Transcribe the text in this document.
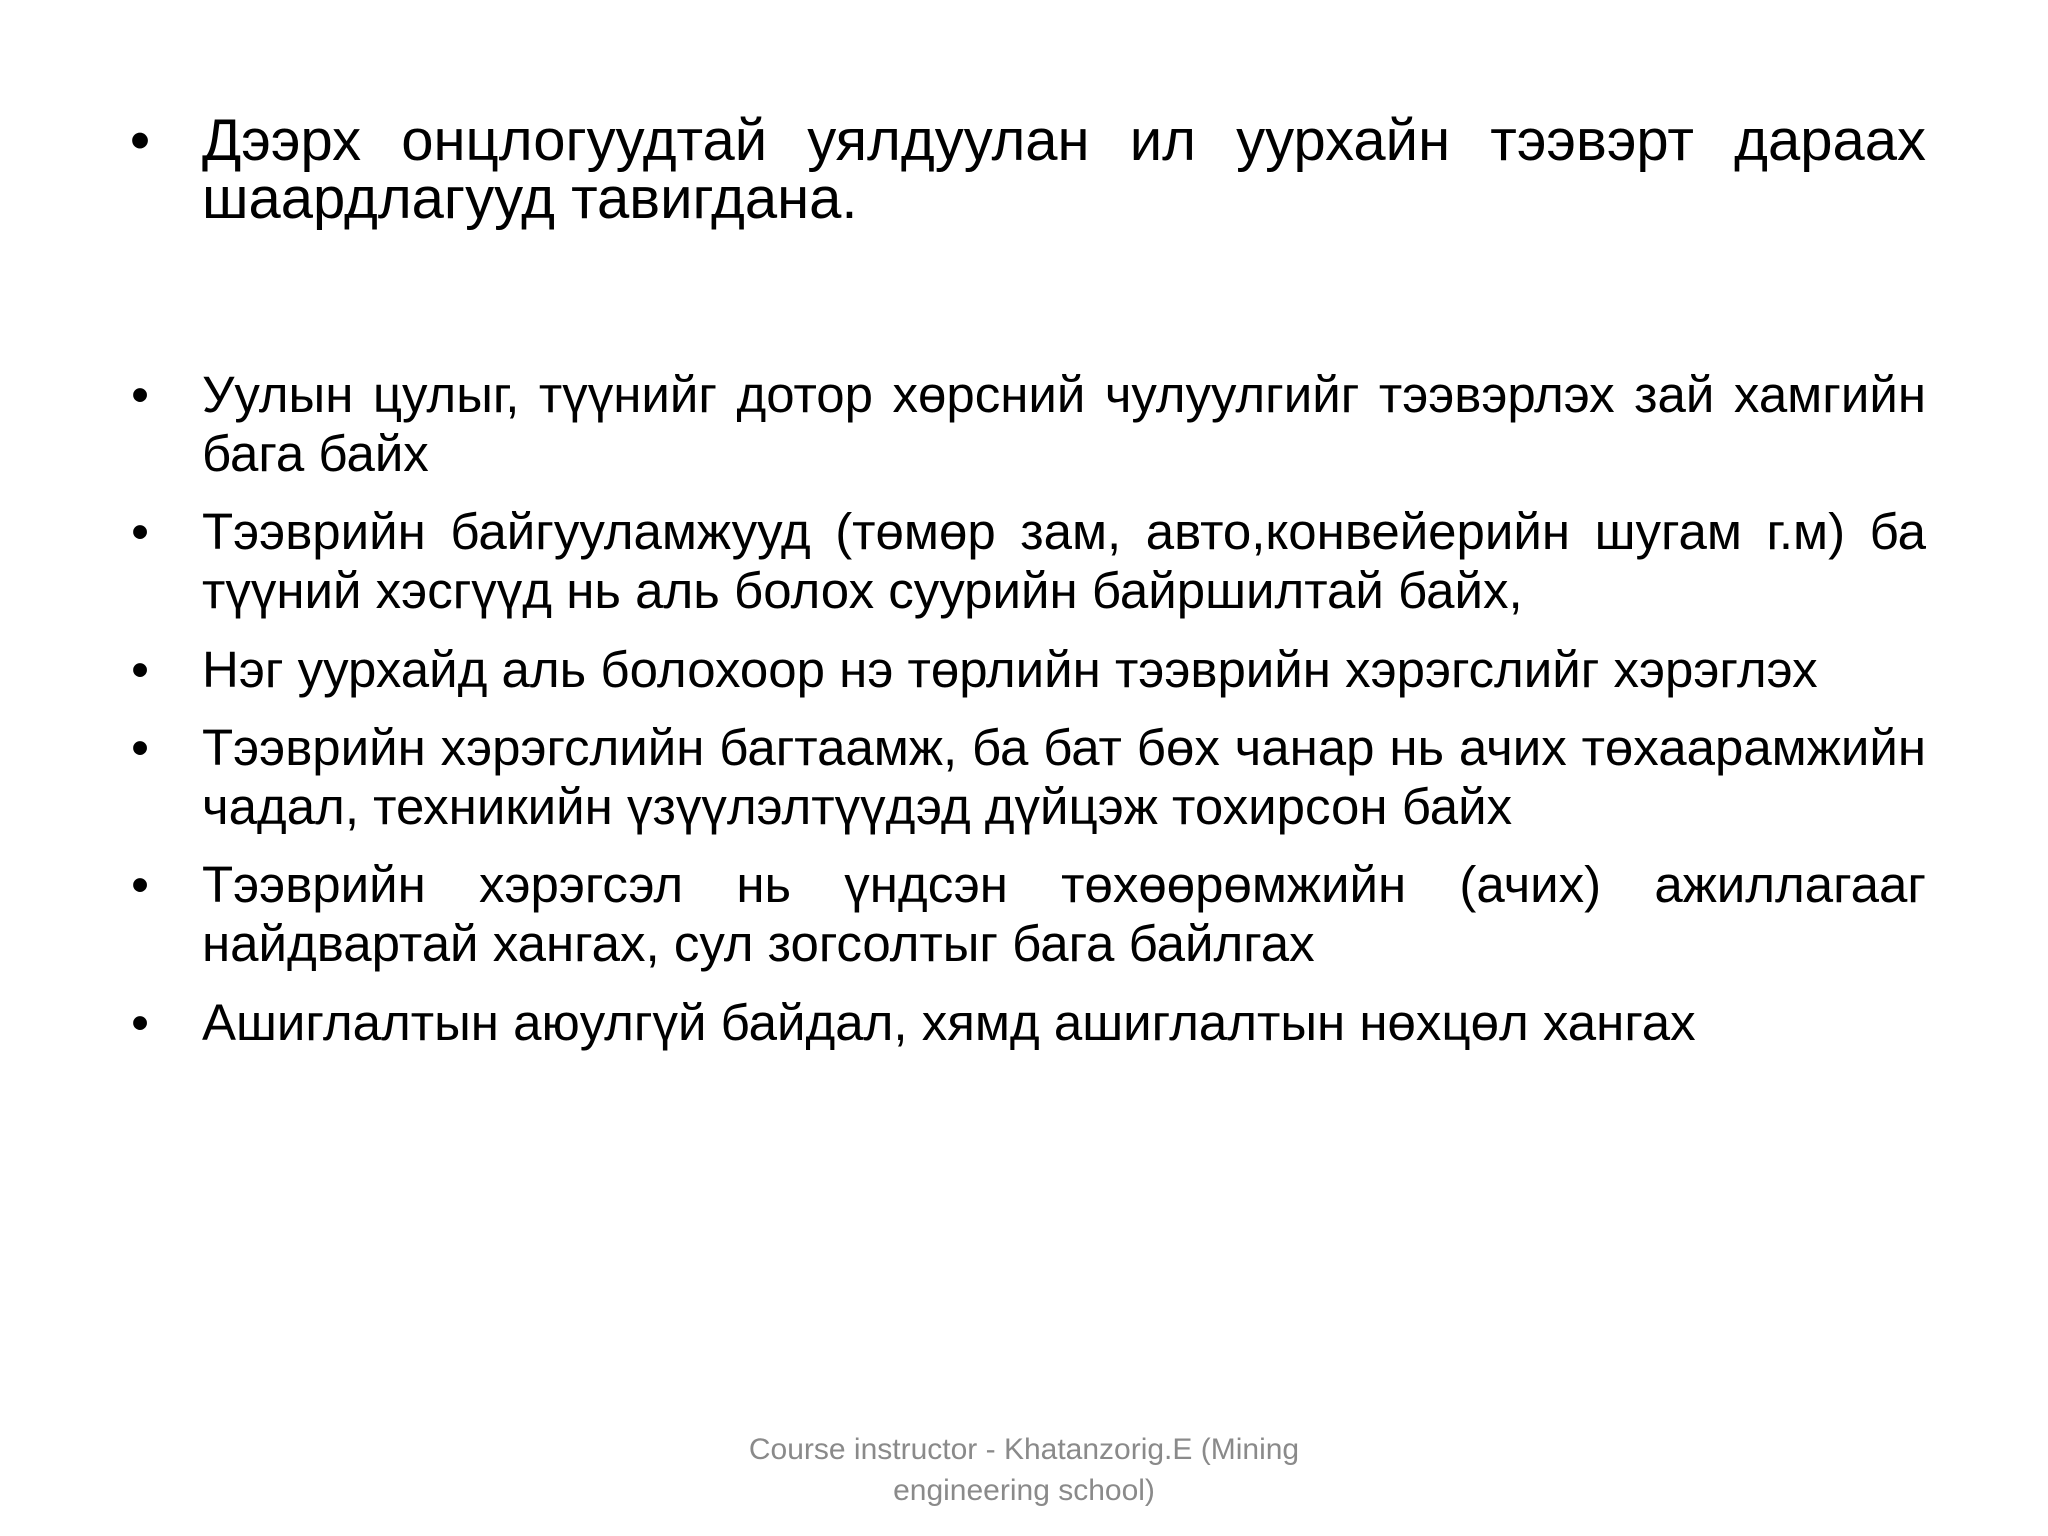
• Дээрх онцлогуудтай уялдуулан ил уурхайн тээвэрт дараах шаардлагууд тавигдана.
• Уулын цулыг, түүнийг дотор хөрсний чулуулгийг тээвэрлэх зай хамгийн бага байх
• Тээврийн байгууламжууд (төмөр зам, авто,конвейерийн шугам г.м) ба түүний хэсгүүд нь аль болох суурийн байршилтай байх,
• Нэг уурхайд аль болохоор нэ төрлийн тээврийн хэрэгслийг хэрэглэх
• Тээврийн хэрэгслийн багтаамж, ба бат бөх чанар нь ачих төхаарамжийн чадал, техникийн үзүүлэлтүүдэд дүйцэж тохирсон байх
• Тээврийн хэрэгсэл нь үндсэн төхөөрөмжийн (ачих) ажиллагааг найдвартай хангах, сул зогсолтыг бага байлгах
• Ашиглалтын аюулгүй байдал, хямд ашиглалтын нөхцөл хангах
Course instructor - Khatanzorig.E (Mining
engineering school)
